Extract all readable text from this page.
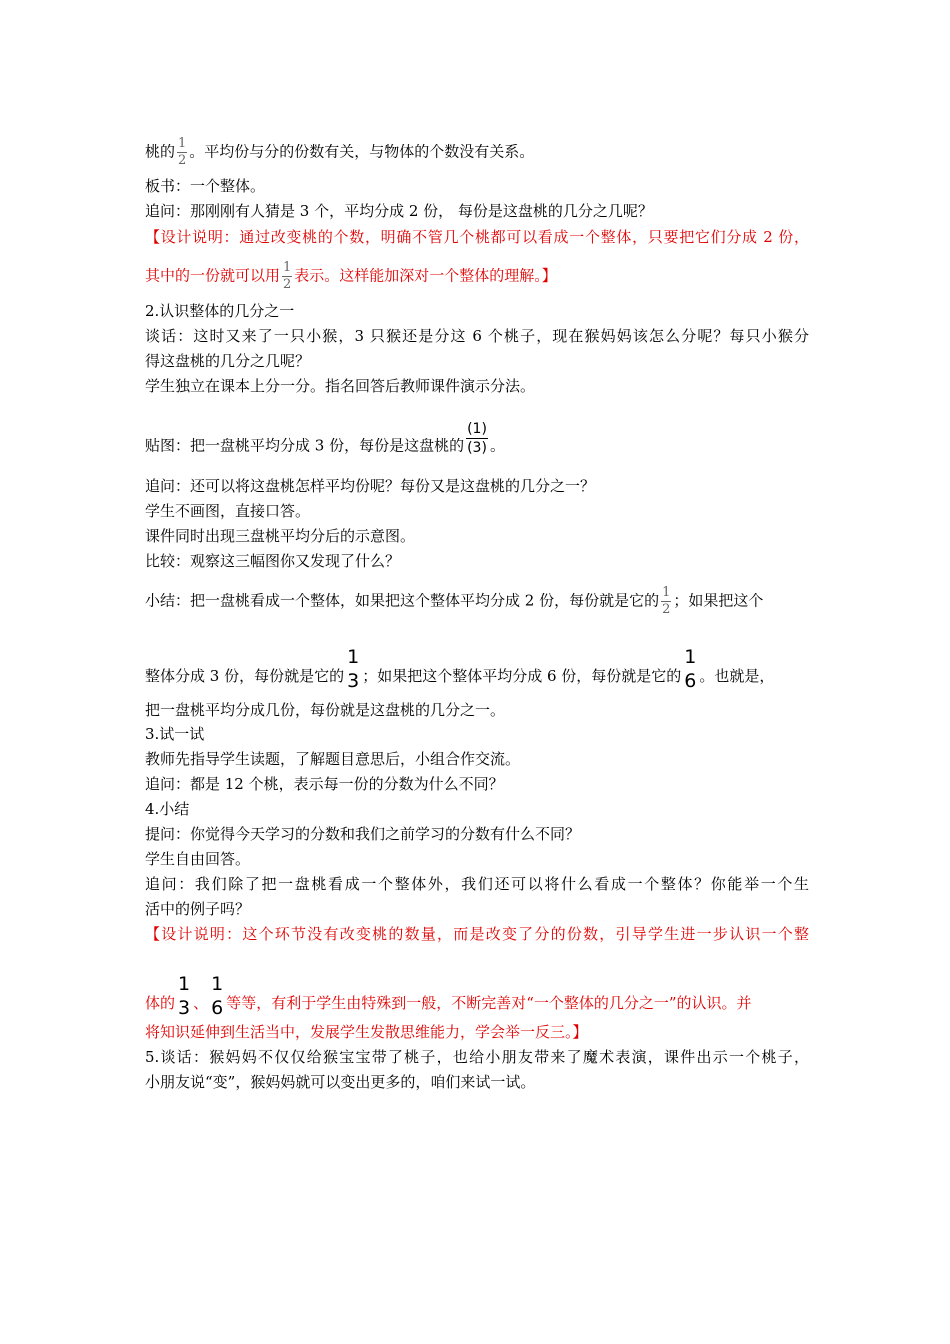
桃的 $\frac{1}{2}$ 。平均份与分的份数有关，与物体的个数没有关系。
板书：一个整体。
追问：那刚刚有人猜是 3 个，平均分成 2 份， 每份是这盘桃的几分之几呢？
【设计说明：通过改变桃的个数，明确不管几个桃都可以看成一个整体，只要把它们分成 2 份，
其中的一份就可以用 $\frac{1}{2}$ 表示。这样能加深对一个整体的理解。】
2.认识整体的几分之一
谈话：这时又来了一只小猴，3 只猴还是分这 6 个桃子，现在猴妈妈该怎么分呢？每只小猴分
得这盘桃的几分之几呢？
学生独立在课本上分一分。指名回答后教师课件演示分法。
贴图：把一盘桃平均分成 3 份，每份是这盘桃的 $\frac{(1)}{(3)}$ 。
追问：还可以将这盘桃怎样平均份呢？每份又是这盘桃的几分之一？
学生不画图，直接口答。
课件同时出现三盘桃平均分后的示意图。
比较：观察这三幅图你又发现了什么？
小结：把一盘桃看成一个整体，如果把这个整体平均分成 2 份，每份就是它的 $\frac{1}{2}$ ；如果把这个
整体分成 3 份，每份就是它的
1
3 ；如果把这个整体平均分成 6 份，每份就是它的
1
6 。也就是，
把一盘桃平均分成几份，每份就是这盘桃的几分之一。
3.试一试
教师先指导学生读题，了解题目意思后，小组合作交流。
追问：都是 12 个桃，表示每一份的分数为什么不同？
4.小结
提问：你觉得今天学习的分数和我们之前学习的分数有什么不同？
学生自由回答。
追问：我们除了把一盘桃看成一个整体外，我们还可以将什么看成一个整体？你能举一个生
活中的例子吗？
【设计说明：这个环节没有改变桃的数量，而是改变了分的份数，引导学生进一步认识一个整
体的
1
3 、
1
6 等等，有利于学生由特殊到一般，不断完善对“一个整体的几分之一”的认识。并
将知识延伸到生活当中，发展学生发散思维能力，学会举一反三。】
5.谈话：猴妈妈不仅仅给猴宝宝带了桃子，也给小朋友带来了魔术表演，课件出示一个桃子，
小朋友说“变”，猴妈妈就可以变出更多的，咱们来试一试。
